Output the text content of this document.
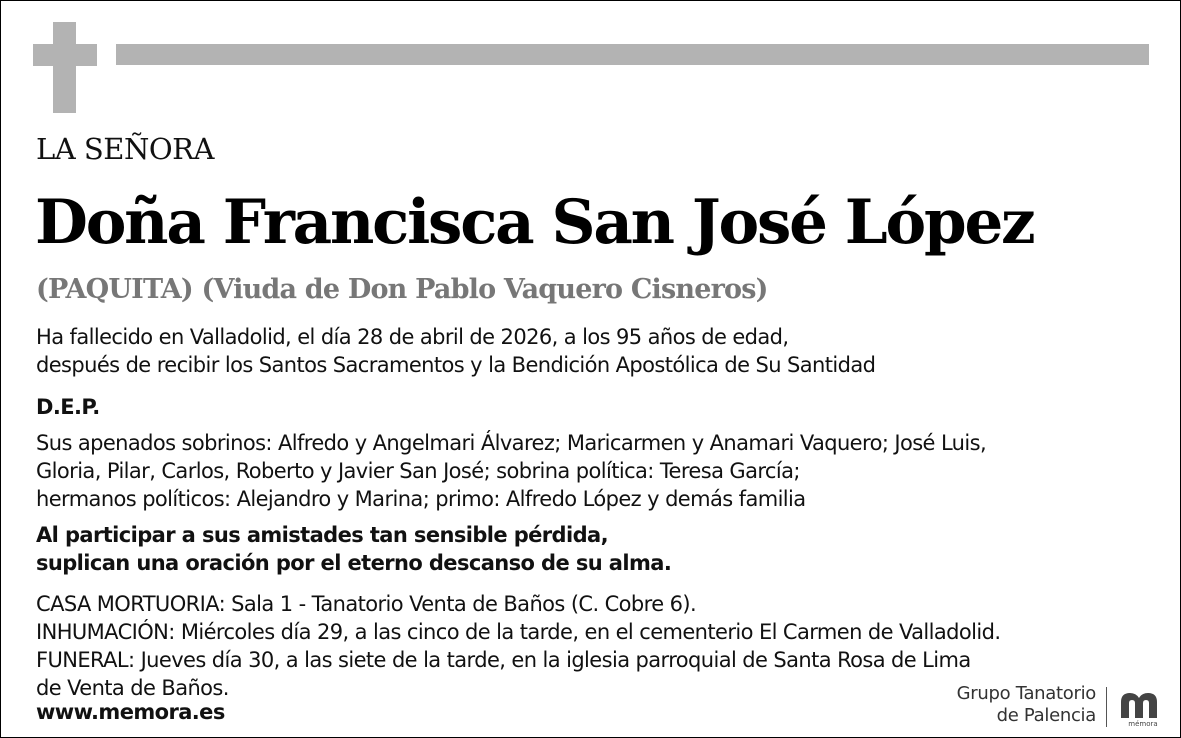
LA SEÑORA
Doña Francisca San José López
(PAQUITA) (Viuda de Don Pablo Vaquero Cisneros)
Ha fallecido en Valladolid, el día 28 de abril de 2026, a los 95 años de edad,
después de recibir los Santos Sacramentos y la Bendición Apostólica de Su Santidad
D.E.P.
Sus apenados sobrinos: Alfredo y Angelmari Álvarez; Maricarmen y Anamari Vaquero; José Luis,
Gloria, Pilar, Carlos, Roberto y Javier San José; sobrina política: Teresa García;
hermanos políticos: Alejandro y Marina; primo: Alfredo López y demás familia
Al participar a sus amistades tan sensible pérdida,
suplican una oración por el eterno descanso de su alma.
CASA MORTUORIA: Sala 1 - Tanatorio Venta de Baños (C. Cobre 6).
INHUMACIÓN: Miércoles día 29, a las cinco de la tarde, en el cementerio El Carmen de Valladolid.
FUNERAL: Jueves día 30, a las siete de la tarde, en la iglesia parroquial de Santa Rosa de Lima
de Venta de Baños.
www.memora.es
Grupo Tanatorio
de Palencia	mémora
